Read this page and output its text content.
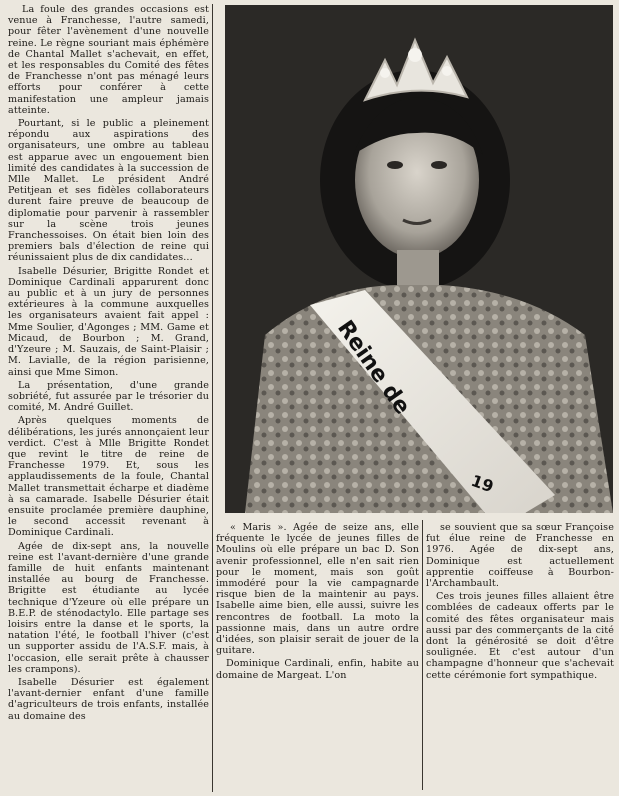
La foule des grandes occasions est venue à Franchesse, l'autre samedi, pour fêter l'avènement d'une nouvelle reine. Le règne souriant mais éphémère de Chantal Mallet s'achevait, en effet, et les responsables du Comité des fêtes de Franchesse n'ont pas ménagé leurs efforts pour conférer à cette manifestation une ampleur jamais atteinte.

Pourtant, si le public a pleinement répondu aux aspirations des organisateurs, une ombre au tableau est apparue avec un engouement bien limité des candidates à la succession de Mlle Mallet. Le président André Petitjean et ses fidèles collaborateurs durent faire preuve de beaucoup de diplomatie pour parvenir à rassembler sur la scène trois jeunes Franchessoises. On était bien loin des premiers bals d'élection de reine qui réunissaient plus de dix candidates...

Isabelle Désurier, Brigitte Rondet et Dominique Cardinali apparurent donc au public et à un jury de personnes extérieures à la commune auxquelles les organisateurs avaient fait appel : Mme Soulier, d'Agonges ; MM. Game et Micaud, de Bourbon ; M. Grand, d'Yzeure ; M. Sauzais, de Saint-Plaisir ; M. Lavialle, de la région parisienne, ainsi que Mme Simon.

La présentation, d'une grande sobriété, fut assurée par le trésorier du comité, M. André Guillet.

Après quelques moments de délibérations, les jurés annonçaient leur verdict. C'est à Mlle Brigitte Rondet que revint le titre de reine de Franchesse 1979. Et, sous les applaudissements de la foule, Chantal Mallet transmettait écharpe et diadème à sa camarade. Isabelle Désurier était ensuite proclamée première dauphine, le second accessit revenant à Dominique Cardinali.

Agée de dix-sept ans, la nouvelle reine est l'avant-dernière d'une grande famille de huit enfants maintenant installée au bourg de Franchesse. Brigitte est étudiante au lycée technique d'Yzeure où elle prépare un B.E.P. de sténodactylo. Elle partage ses loisirs entre la danse et le sports, la natation l'été, le football l'hiver (c'est un supporter assidu de l'A.S.F. mais, à l'occasion, elle serait prête à chausser les crampons).

Isabelle Désurier est également l'avant-dernier enfant d'une famille d'agriculteurs de trois enfants, installée au domaine des

Reine de
19

« Maris ». Agée de seize ans, elle fréquente le lycée de jeunes filles de Moulins où elle prépare un bac D. Son avenir professionnel, elle n'en sait rien pour le moment, mais son goût immodéré pour la vie campagnarde risque bien de la maintenir au pays. Isabelle aime bien, elle aussi, suivre les rencontres de football. La moto la passionne mais, dans un autre ordre d'idées, son plaisir serait de jouer de la guitare.

Dominique Cardinali, enfin, habite au domaine de Margeat. L'on

se souvient que sa sœur Françoise fut élue reine de Franchesse en 1976. Agée de dix-sept ans, Dominique est actuellement apprentie coiffeuse à Bourbon-l'Archambault.

Ces trois jeunes filles allaient être comblées de cadeaux offerts par le comité des fêtes organisateur mais aussi par des commerçants de la cité dont la générosité se doit d'être soulignée. Et c'est autour d'un champagne d'honneur que s'achevait cette cérémonie fort sympathique.
